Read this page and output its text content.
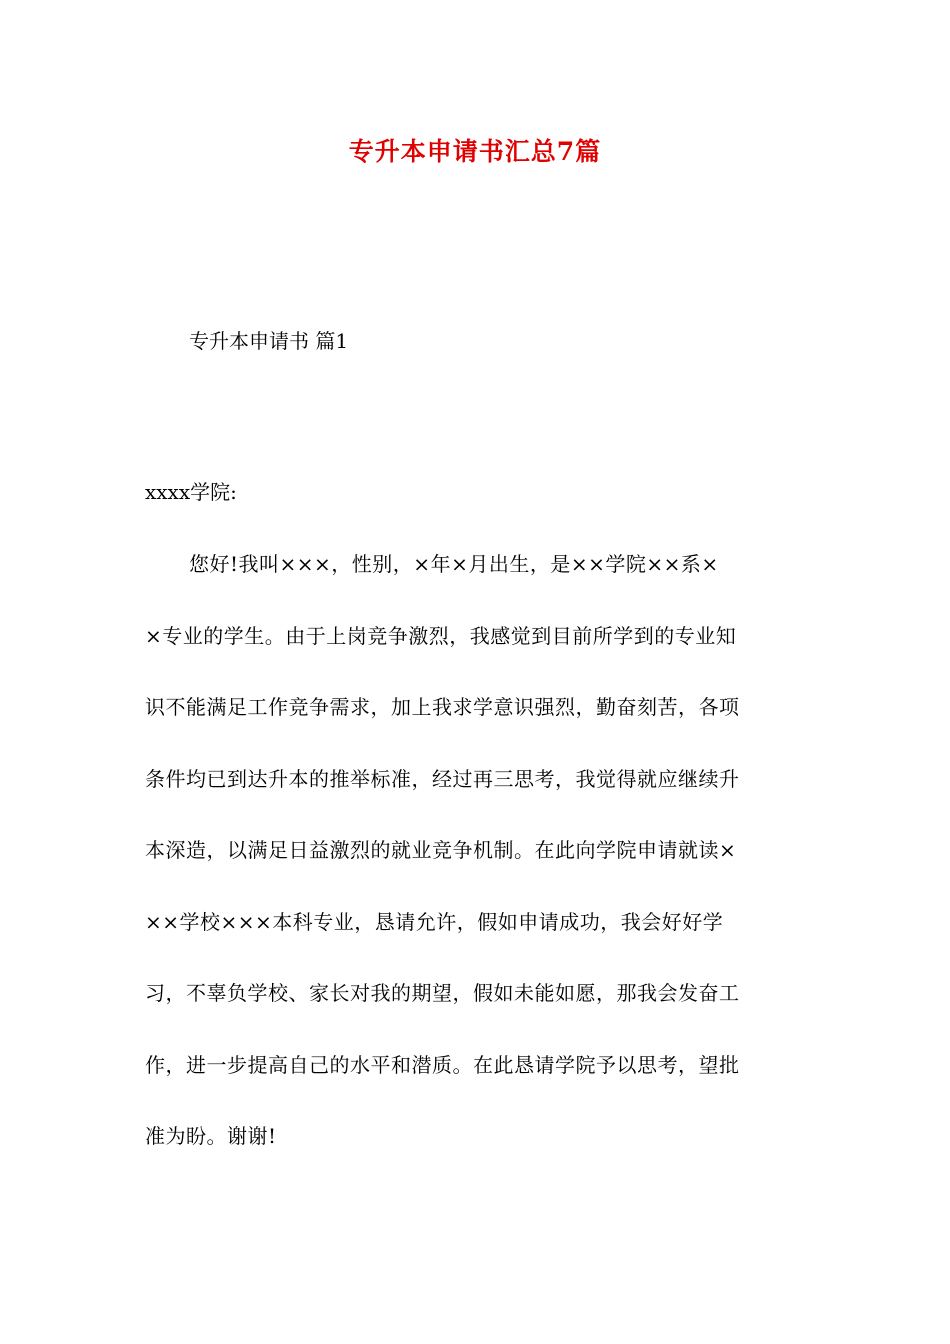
专升本申请书汇总7篇

专升本申请书 篇1

xxxx学院:

您好!我叫×××，性别，×年×月出生，是××学院××系×
×专业的学生。由于上岗竞争激烈，我感觉到目前所学到的专业知
识不能满足工作竞争需求，加上我求学意识强烈，勤奋刻苦，各项
条件均已到达升本的推举标准，经过再三思考，我觉得就应继续升
本深造，以满足日益激烈的就业竞争机制。在此向学院申请就读×
××学校×××本科专业，恳请允许，假如申请成功，我会好好学
习，不辜负学校、家长对我的期望，假如未能如愿，那我会发奋工
作，进一步提高自己的水平和潜质。在此恳请学院予以思考，望批
准为盼。谢谢!
